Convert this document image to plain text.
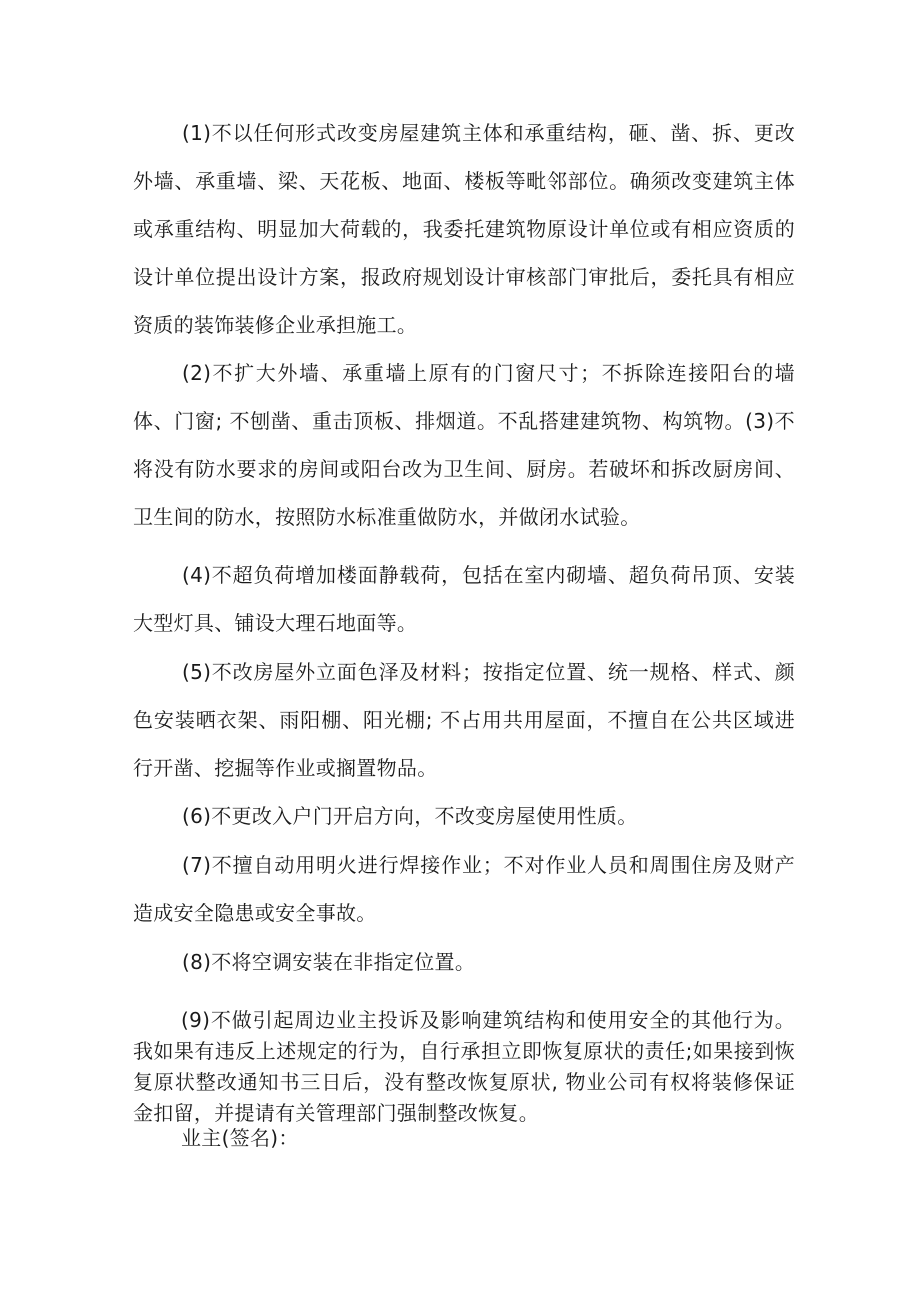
(1)不以任何形式改变房屋建筑主体和承重结构，砸、凿、拆、更改外墙、承重墙、梁、天花板、地面、楼板等毗邻部位。确须改变建筑主体或承重结构、明显加大荷载的，我委托建筑物原设计单位或有相应资质的设计单位提出设计方案，报政府规划设计审核部门审批后，委托具有相应资质的装饰装修企业承担施工。

(2)不扩大外墙、承重墙上原有的门窗尺寸；不拆除连接阳台的墙体、门窗; 不刨凿、重击顶板、排烟道。不乱搭建建筑物、构筑物。(3)不将没有防水要求的房间或阳台改为卫生间、厨房。若破坏和拆改厨房间、卫生间的防水，按照防水标准重做防水，并做闭水试验。

(4)不超负荷增加楼面静载荷，包括在室内砌墙、超负荷吊顶、安装大型灯具、铺设大理石地面等。

(5)不改房屋外立面色泽及材料；按指定位置、统一规格、样式、颜色安装晒衣架、雨阳棚、阳光棚; 不占用共用屋面，不擅自在公共区域进行开凿、挖掘等作业或搁置物品。

(6)不更改入户门开启方向，不改变房屋使用性质。

(7)不擅自动用明火进行焊接作业；不对作业人员和周围住房及财产造成安全隐患或安全事故。

(8)不将空调安装在非指定位置。

(9)不做引起周边业主投诉及影响建筑结构和使用安全的其他行为。我如果有违反上述规定的行为，自行承担立即恢复原状的责任;如果接到恢复原状整改通知书三日后，没有整改恢复原状, 物业公司有权将装修保证金扣留，并提请有关管理部门强制整改恢复。

业主(签名)：
